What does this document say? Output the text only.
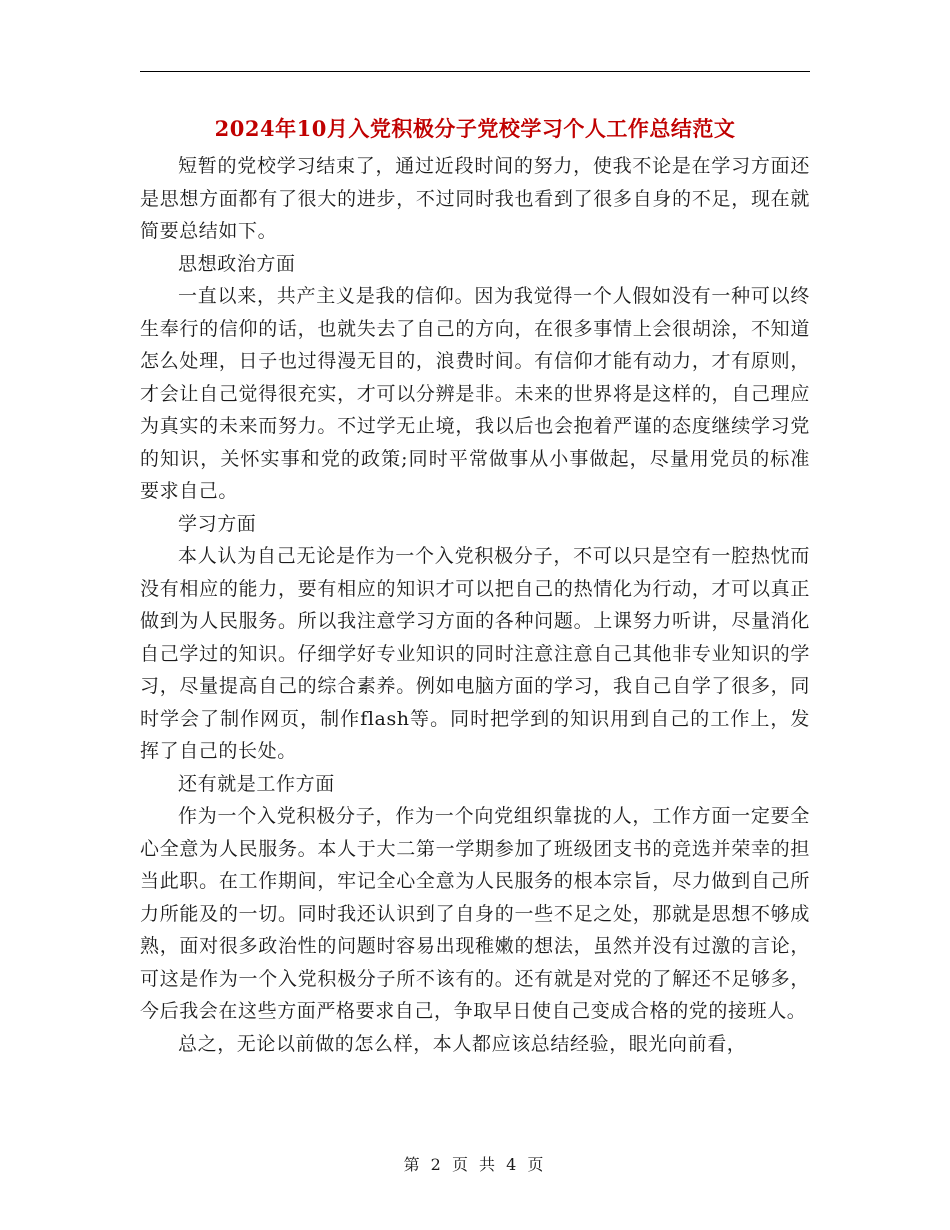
2024年10月入党积极分子党校学习个人工作总结范文

短暂的党校学习结束了，通过近段时间的努力，使我不论是在学习方面还是思想方面都有了很大的进步，不过同时我也看到了很多自身的不足，现在就简要总结如下。

思想政治方面

一直以来，共产主义是我的信仰。因为我觉得一个人假如没有一种可以终生奉行的信仰的话，也就失去了自己的方向，在很多事情上会很胡涂，不知道怎么处理，日子也过得漫无目的，浪费时间。有信仰才能有动力，才有原则，才会让自己觉得很充实，才可以分辨是非。未来的世界将是这样的，自己理应为真实的未来而努力。不过学无止境，我以后也会抱着严谨的态度继续学习党的知识，关怀实事和党的政策;同时平常做事从小事做起，尽量用党员的标准要求自己。

学习方面

本人认为自己无论是作为一个入党积极分子，不可以只是空有一腔热忱而没有相应的能力，要有相应的知识才可以把自己的热情化为行动，才可以真正做到为人民服务。所以我注意学习方面的各种问题。上课努力听讲，尽量消化自己学过的知识。仔细学好专业知识的同时注意注意自己其他非专业知识的学习，尽量提高自己的综合素养。例如电脑方面的学习，我自己自学了很多，同时学会了制作网页，制作flash等。同时把学到的知识用到自己的工作上，发挥了自己的长处。

还有就是工作方面

作为一个入党积极分子，作为一个向党组织靠拢的人，工作方面一定要全心全意为人民服务。本人于大二第一学期参加了班级团支书的竞选并荣幸的担当此职。在工作期间，牢记全心全意为人民服务的根本宗旨，尽力做到自己所力所能及的一切。同时我还认识到了自身的一些不足之处，那就是思想不够成熟，面对很多政治性的问题时容易出现稚嫩的想法，虽然并没有过激的言论，可这是作为一个入党积极分子所不该有的。还有就是对党的了解还不足够多，今后我会在这些方面严格要求自己，争取早日使自己变成合格的党的接班人。

总之，无论以前做的怎么样，本人都应该总结经验，眼光向前看，

第 2 页 共 4 页
